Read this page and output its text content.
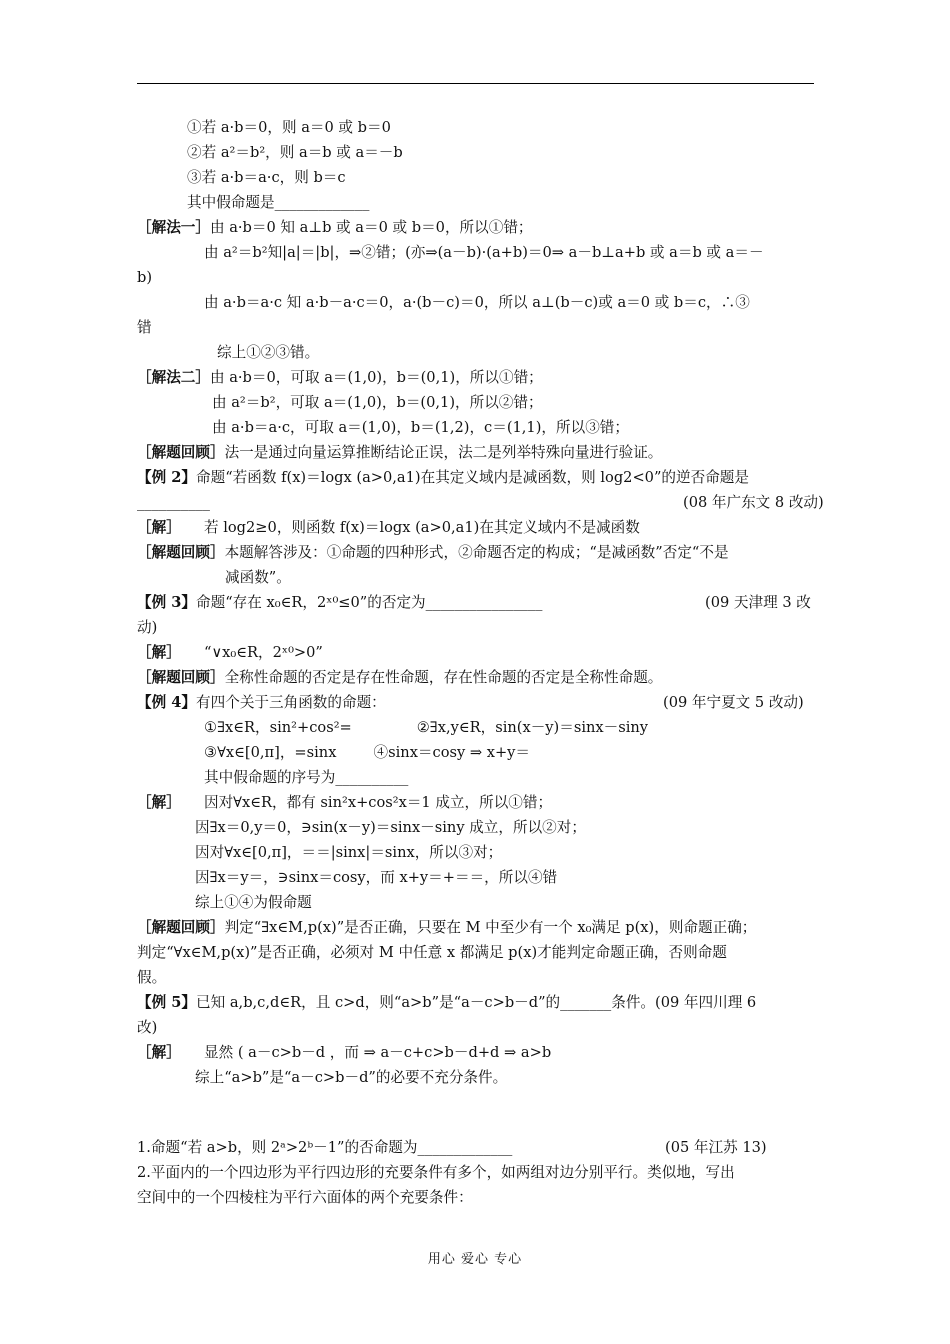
①若 a·b＝0，则 a＝0 或 b＝0
②若 a²＝b²，则 a＝b 或 a＝－b
③若 a·b＝a·c，则 b＝c
其中假命题是_____________
［解法一］由 a·b＝0 知 a⊥b 或 a＝0 或 b＝0，所以①错；
由 a²＝b²知|a|＝|b|，⇒②错；(亦⇒(a－b)·(a+b)＝0⇒ a－b⊥a+b 或 a＝b 或 a＝－
b)
由 a·b＝a·c 知 a·b－a·c＝0，a·(b－c)＝0，所以 a⊥(b－c)或 a＝0 或 b＝c，∴③
错
综上①②③错。
［解法二］由 a·b＝0，可取 a＝(1,0)，b＝(0,1)，所以①错；
由 a²＝b²，可取 a＝(1,0)，b＝(0,1)，所以②错；
由 a·b＝a·c，可取 a＝(1,0)，b＝(1,2)，c＝(1,1)，所以③错；
［解题回顾］法一是通过向量运算推断结论正误，法二是列举特殊向量进行验证。
【例 2】命题“若函数 f(x)＝logx (a>0,a1)在其定义域内是减函数，则 log2<0”的逆否命题是
__________
［解］     若 log2≥0，则函数 f(x)＝logx (a>0,a1)在其定义域内不是减函数
［解题回顾］本题解答涉及：①命题的四种形式，②命题否定的构成；“是减函数”否定“不是
减函数”。
【例 3】命题“存在 x₀∈R，2ˣ⁰≤0”的否定为________________
动)
［解］     “∨x₀∈R，2ˣ⁰>0”
［解题回顾］全称性命题的否定是存在性命题，存在性命题的否定是全称性命题。
【例 4】有四个关于三角函数的命题：
①∃x∈R，sin²+cos²=              ②∃x,y∈R，sin(x－y)＝sinx－siny
③∀x∈[0,π]，=sinx        ④sinx＝cosy ⇒ x+y＝
其中假命题的序号为__________
［解］     因对∀x∈R，都有 sin²x+cos²x＝1 成立，所以①错；
因∃x＝0,y＝0，∋sin(x－y)＝sinx－siny 成立，所以②对；
因对∀x∈[0,π]，＝＝|sinx|＝sinx，所以③对；
因∃x＝y＝，∋sinx＝cosy，而 x+y＝+＝＝，所以④错
综上①④为假命题
［解题回顾］判定“∃x∈M,p(x)”是否正确，只要在 M 中至少有一个 x₀满足 p(x)，则命题正确；
判定“∀x∈M,p(x)”是否正确，必须对 M 中任意 x 都满足 p(x)才能判定命题正确，否则命题
假。
【例 5】已知 a,b,c,d∈R，且 c>d，则“a>b”是“a－c>b－d”的_______条件。(09 年四川理 6
改)
［解］     显然 ( a－c>b－d ，而 ⇒ a－c+c>b－d+d ⇒ a>b
综上“a>b”是“a－c>b－d”的必要不充分条件。
1.命题“若 a>b，则 2ᵃ>2ᵇ－1”的否命题为_____________
2.平面内的一个四边形为平行四边形的充要条件有多个，如两组对边分别平行。类似地，写出
空间中的一个四棱柱为平行六面体的两个充要条件：
(08 年广东文 8 改动)
(09 天津理 3 改
(09 年宁夏文 5 改动)
(05 年江苏 13)
用心 爱心 专心
